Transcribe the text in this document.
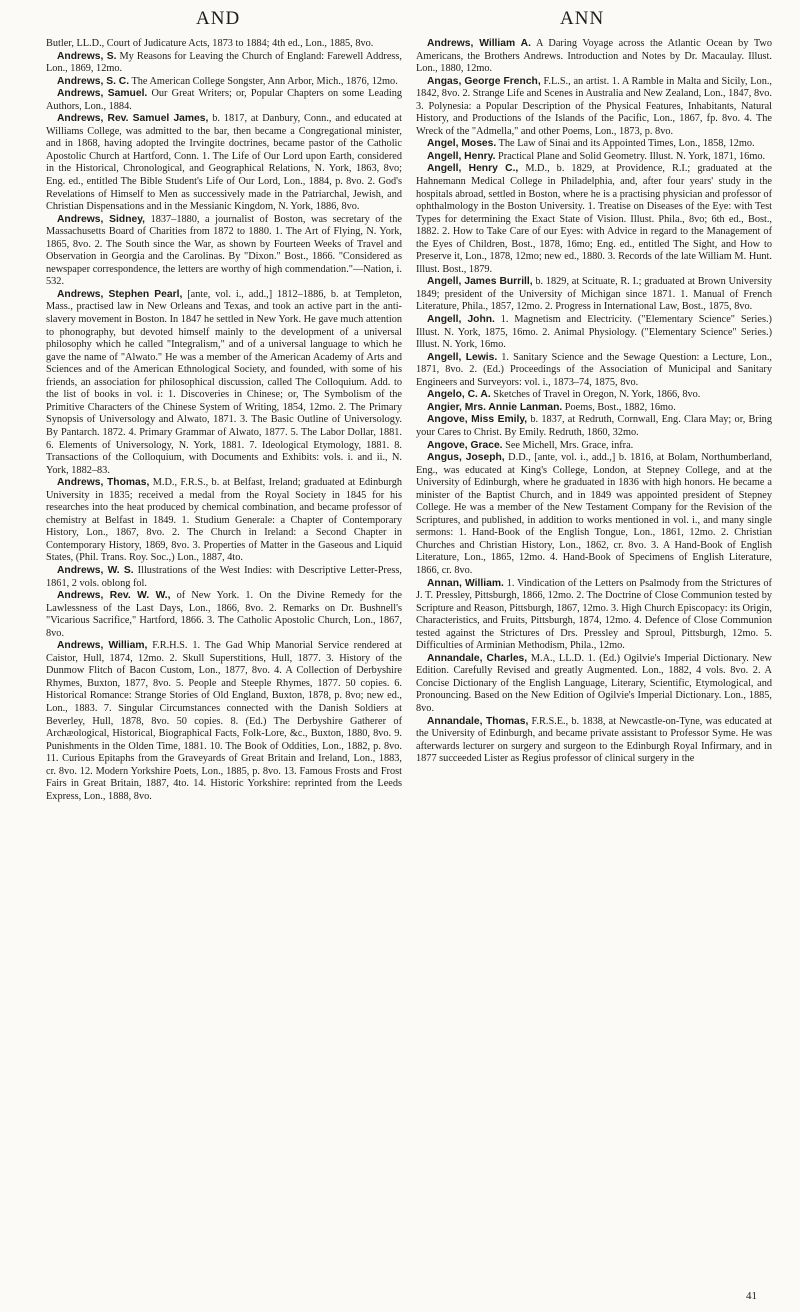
AND	ANN

Butler, LL.D., Court of Judicature Acts, 1873 to 1884; 4th ed., Lon., 1885, 8vo.

Andrews, S. My Reasons for Leaving the Church of England: Farewell Address, Lon., 1869, 12mo.

Andrews, S. C. The American College Songster, Ann Arbor, Mich., 1876, 12mo.

Andrews, Samuel. Our Great Writers; or, Popular Chapters on some Leading Authors, Lon., 1884.

Andrews, Rev. Samuel James, b. 1817, at Danbury, Conn., and educated at Williams College, was admitted to the bar, then became a Congregational minister, and in 1868, having adopted the Irvingite doctrines, became pastor of the Catholic Apostolic Church at Hartford, Conn. 1. The Life of Our Lord upon Earth, considered in the Historical, Chronological, and Geographical Relations, N. York, 1863, 8vo; Eng. ed., entitled The Bible Student's Life of Our Lord, Lon., 1884, p. 8vo. 2. God's Revelations of Himself to Men as successively made in the Patriarchal, Jewish, and Christian Dispensations and in the Messianic Kingdom, N. York, 1886, 8vo.

Andrews, Sidney, 1837–1880, a journalist of Boston, was secretary of the Massachusetts Board of Charities from 1872 to 1880. 1. The Art of Flying, N. York, 1865, 8vo. 2. The South since the War, as shown by Fourteen Weeks of Travel and Observation in Georgia and the Carolinas. By "Dixon." Bost., 1866. "Considered as newspaper correspondence, the letters are worthy of high commendation."—Nation, i. 532.

Andrews, Stephen Pearl, [ante, vol. i., add.,] 1812–1886, b. at Templeton, Mass., practised law in New Orleans and Texas, and took an active part in the anti-slavery movement in Boston. In 1847 he settled in New York. He gave much attention to phonography, but devoted himself mainly to the development of a universal philosophy which he called "Integralism," and of a universal language to which he gave the name of "Alwato." He was a member of the American Academy of Arts and Sciences and of the American Ethnological Society, and founded, with some of his friends, an association for philosophical discussion, called The Colloquium. Add. to the list of books in vol. i: 1. Discoveries in Chinese; or, The Symbolism of the Primitive Characters of the Chinese System of Writing, 1854, 12mo. 2. The Primary Synopsis of Universology and Alwato, 1871. 3. The Basic Outline of Universology. By Pantarch. 1872. 4. Primary Grammar of Alwato, 1877. 5. The Labor Dollar, 1881. 6. Elements of Universology, N. York, 1881. 7. Ideological Etymology, 1881. 8. Transactions of the Colloquium, with Documents and Exhibits: vols. i. and ii., N. York, 1882–83.

Andrews, Thomas, M.D., F.R.S., b. at Belfast, Ireland; graduated at Edinburgh University in 1835; received a medal from the Royal Society in 1845 for his researches into the heat produced by chemical combination, and became professor of chemistry at Belfast in 1849. 1. Studium Generale: a Chapter of Contemporary History, Lon., 1867, 8vo. 2. The Church in Ireland: a Second Chapter in Contemporary History, 1869, 8vo. 3. Properties of Matter in the Gaseous and Liquid States, (Phil. Trans. Roy. Soc.,) Lon., 1887, 4to.

Andrews, W. S. Illustrations of the West Indies: with Descriptive Letter-Press, 1861, 2 vols. oblong fol.

Andrews, Rev. W. W., of New York. 1. On the Divine Remedy for the Lawlessness of the Last Days, Lon., 1866, 8vo. 2. Remarks on Dr. Bushnell's "Vicarious Sacrifice," Hartford, 1866. 3. The Catholic Apostolic Church, Lon., 1867, 8vo.

Andrews, William, F.R.H.S. 1. The Gad Whip Manorial Service rendered at Caistor, Hull, 1874, 12mo. 2. Skull Superstitions, Hull, 1877. 3. History of the Dunmow Flitch of Bacon Custom, Lon., 1877, 8vo. 4. A Collection of Derbyshire Rhymes, Buxton, 1877, 8vo. 5. People and Steeple Rhymes, 1877. 50 copies. 6. Historical Romance: Strange Stories of Old England, Buxton, 1878, p. 8vo; new ed., Lon., 1883. 7. Singular Circumstances connected with the Danish Soldiers at Beverley, Hull, 1878, 8vo. 50 copies. 8. (Ed.) The Derbyshire Gatherer of Archæological, Historical, Biographical Facts, Folk-Lore, &c., Buxton, 1880, 8vo. 9. Punishments in the Olden Time, 1881. 10. The Book of Oddities, Lon., 1882, p. 8vo. 11. Curious Epitaphs from the Graveyards of Great Britain and Ireland, Lon., 1883, cr. 8vo. 12. Modern Yorkshire Poets, Lon., 1885, p. 8vo. 13. Famous Frosts and Frost Fairs in Great Britain, 1887, 4to. 14. Historic Yorkshire: reprinted from the Leeds Express, Lon., 1888, 8vo.

Andrews, William A. A Daring Voyage across the Atlantic Ocean by Two Americans, the Brothers Andrews. Introduction and Notes by Dr. Macaulay. Illust. Lon., 1880, 12mo.

Angas, George French, F.L.S., an artist. 1. A Ramble in Malta and Sicily, Lon., 1842, 8vo. 2. Strange Life and Scenes in Australia and New Zealand, Lon., 1847, 8vo. 3. Polynesia: a Popular Description of the Physical Features, Inhabitants, Natural History, and Productions of the Islands of the Pacific, Lon., 1867, fp. 8vo. 4. The Wreck of the "Admella," and other Poems, Lon., 1873, p. 8vo.

Angel, Moses. The Law of Sinai and its Appointed Times, Lon., 1858, 12mo.

Angell, Henry. Practical Plane and Solid Geometry. Illust. N. York, 1871, 16mo.

Angell, Henry C., M.D., b. 1829, at Providence, R.I.; graduated at the Hahnemann Medical College in Philadelphia, and, after four years' study in the hospitals abroad, settled in Boston, where he is a practising physician and professor of ophthalmology in the Boston University. 1. Treatise on Diseases of the Eye: with Test Types for determining the Exact State of Vision. Illust. Phila., 8vo; 6th ed., Bost., 1882. 2. How to Take Care of our Eyes: with Advice in regard to the Management of the Eyes of Children, Bost., 1878, 16mo; Eng. ed., entitled The Sight, and How to Preserve it, Lon., 1878, 12mo; new ed., 1880. 3. Records of the late William M. Hunt. Illust. Bost., 1879.

Angell, James Burrill, b. 1829, at Scituate, R. I.; graduated at Brown University 1849; president of the University of Michigan since 1871. 1. Manual of French Literature, Phila., 1857, 12mo. 2. Progress in International Law, Bost., 1875, 8vo.

Angell, John. 1. Magnetism and Electricity. ("Elementary Science" Series.) Illust. N. York, 1875, 16mo. 2. Animal Physiology. ("Elementary Science" Series.) Illust. N. York, 16mo.

Angell, Lewis. 1. Sanitary Science and the Sewage Question: a Lecture, Lon., 1871, 8vo. 2. (Ed.) Proceedings of the Association of Municipal and Sanitary Engineers and Surveyors: vol. i., 1873–74, 1875, 8vo.

Angelo, C. A. Sketches of Travel in Oregon, N. York, 1866, 8vo.

Angier, Mrs. Annie Lanman. Poems, Bost., 1882, 16mo.

Angove, Miss Emily, b. 1837, at Redruth, Cornwall, Eng. Clara May; or, Bring your Cares to Christ. By Emily. Redruth, 1860, 32mo.

Angove, Grace. See Michell, Mrs. Grace, infra.

Angus, Joseph, D.D., [ante, vol. i., add.,] b. 1816, at Bolam, Northumberland, Eng., was educated at King's College, London, at Stepney College, and at the University of Edinburgh, where he graduated in 1836 with high honors. He became a minister of the Baptist Church, and in 1849 was appointed president of Stepney College. He was a member of the New Testament Company for the Revision of the Scriptures, and published, in addition to works mentioned in vol. i., and many single sermons: 1. Hand-Book of the English Tongue, Lon., 1861, 12mo. 2. Christian Churches and Christian History, Lon., 1862, cr. 8vo. 3. A Hand-Book of English Literature, Lon., 1865, 12mo. 4. Hand-Book of Specimens of English Literature, 1866, cr. 8vo.

Annan, William. 1. Vindication of the Letters on Psalmody from the Strictures of J. T. Pressley, Pittsburgh, 1866, 12mo. 2. The Doctrine of Close Communion tested by Scripture and Reason, Pittsburgh, 1867, 12mo. 3. High Church Episcopacy: its Origin, Characteristics, and Fruits, Pittsburgh, 1874, 12mo. 4. Defence of Close Communion tested against the Strictures of Drs. Pressley and Sproul, Pittsburgh, 12mo. 5. Difficulties of Arminian Methodism, Phila., 12mo.

Annandale, Charles, M.A., LL.D. 1. (Ed.) Ogilvie's Imperial Dictionary. New Edition. Carefully Revised and greatly Augmented. Lon., 1882, 4 vols. 8vo. 2. A Concise Dictionary of the English Language, Literary, Scientific, Etymological, and Pronouncing. Based on the New Edition of Ogilvie's Imperial Dictionary. Lon., 1885, 8vo.

Annandale, Thomas, F.R.S.E., b. 1838, at Newcastle-on-Tyne, was educated at the University of Edinburgh, and became private assistant to Professor Syme. He was afterwards lecturer on surgery and surgeon to the Edinburgh Royal Infirmary, and in 1877 succeeded Lister as Regius professor of clinical surgery in the

41
